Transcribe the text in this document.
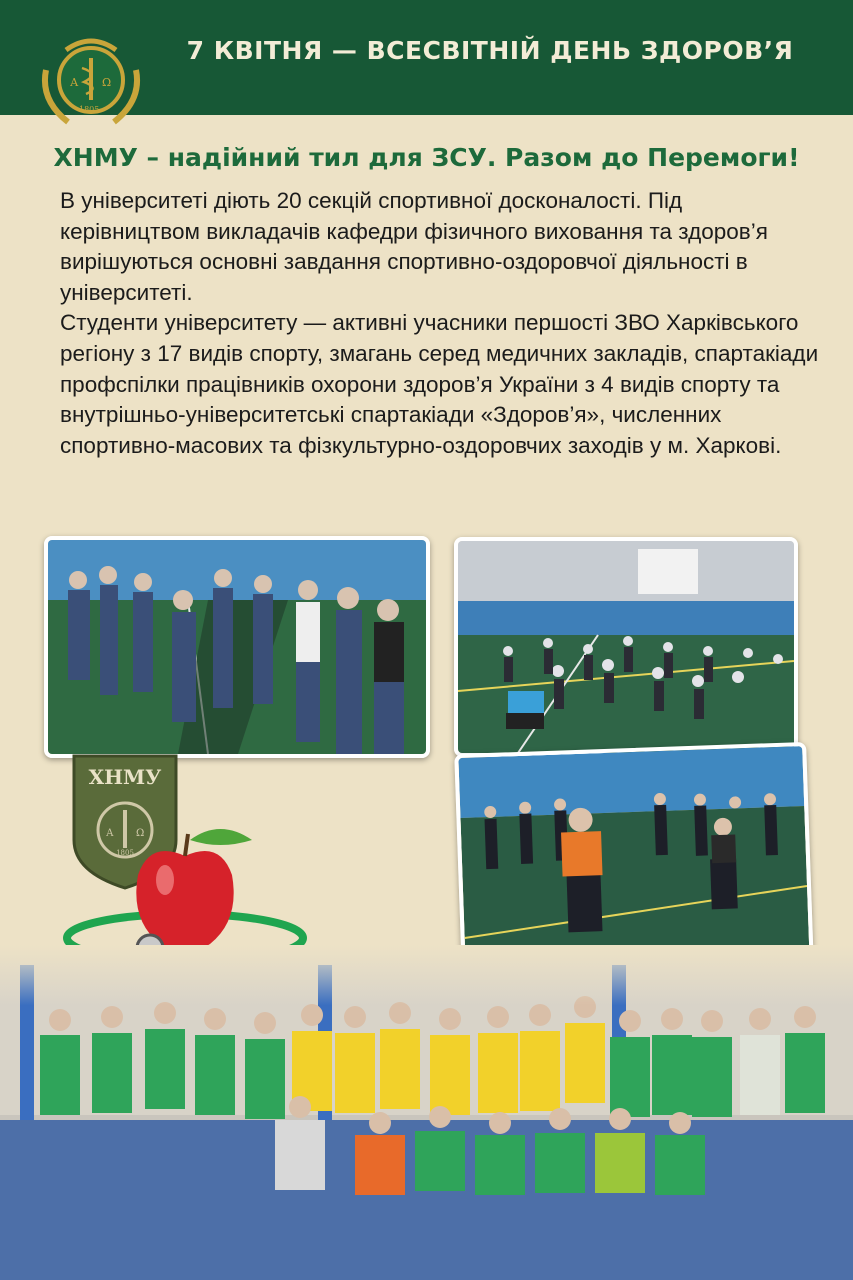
А Ω
1805
7 КВІТНЯ — ВСЕСВІТНІЙ ДЕНЬ ЗДОРОВ’Я
ХНМУ – надійний тил для ЗСУ. Разом до Перемоги!

В університеті діють 20 секцій спортивної досконалості. Під керівництвом викладачів кафедри фізичного виховання та здоров’я вирішуються основні завдання спортивно-оздоровчої діяльності в університеті.

Студенти університету — активні учасники першості ЗВО Харківського регіону з 17 видів спорту, змагань серед медичних закладів, спартакіади профспілки працівників охорони здоров’я України з 4 видів спорту та внутрішньо-університетські спартакіади «Здоров’я», численних спортивно-масових та фізкультурно-оздоровчих заходів у м. Харкові.

ХНМУ
А Ω
1805
